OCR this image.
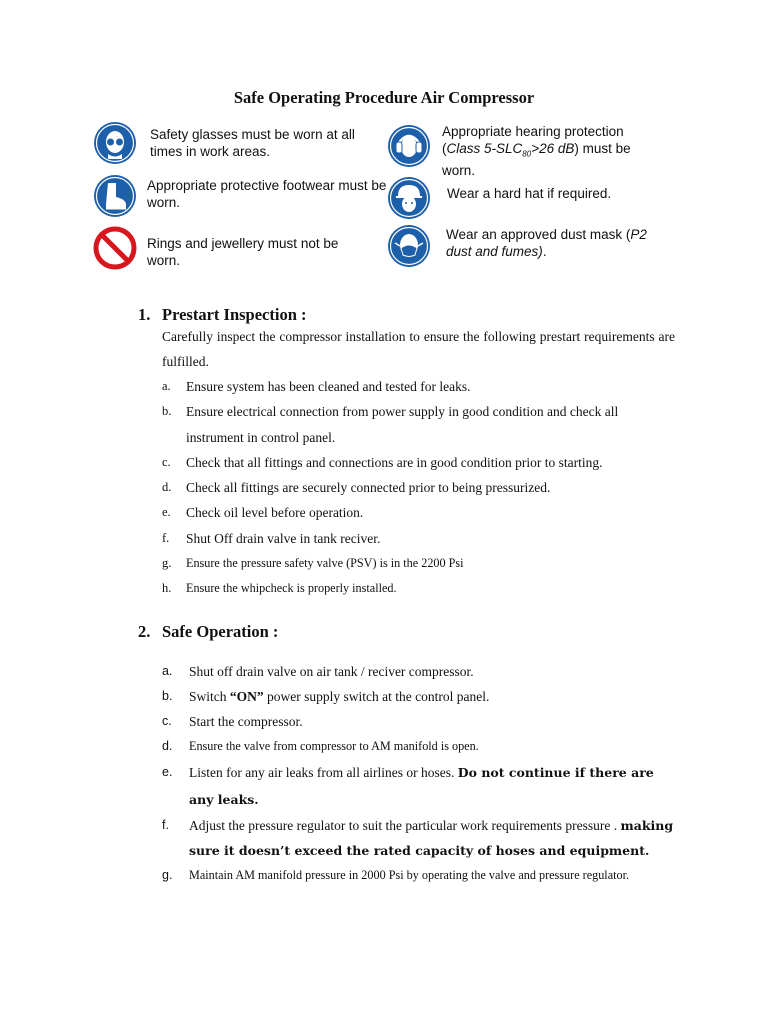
Safe Operating Procedure Air Compressor
Safety glasses must be worn at all times in work areas.
Appropriate hearing protection (Class $5-SLC_{80}>26$ dB) must be worn.
Appropriate protective footwear must be worn.
Wear a hard hat if required.
Rings and jewellery must not be worn.
Wear an approved dust mask (P2 dust and fumes).
1. Prestart Inspection :
Carefully inspect the compressor installation to ensure the following prestart requirements are fulfilled.
a. Ensure system has been cleaned and tested for leaks.
b. Ensure electrical connection from power supply in good condition and check all instrument in control panel.
c. Check that all fittings and connections are in good condition prior to starting.
d. Check all fittings are securely connected prior to being pressurized.
e. Check oil level before operation.
f. Shut Off drain valve in tank reciver.
g. Ensure the pressure safety valve (PSV) is in the 2200 Psi
h. Ensure the whipcheck is properly installed.
2. Safe Operation :
a. Shut off drain valve on air tank / reciver compressor.
b. Switch “ON” power supply switch at the control panel.
c. Start the compressor.
d. Ensure the valve from compressor to AM manifold is open.
e. Listen for any air leaks from all airlines or hoses. Do not continue if there are any leaks.
f. Adjust the pressure regulator to suit the particular work requirements pressure . making sure it doesn’t exceed the rated capacity of hoses and equipment.
g. Maintain AM manifold pressure in 2000 Psi by operating the valve and pressure regulator.
